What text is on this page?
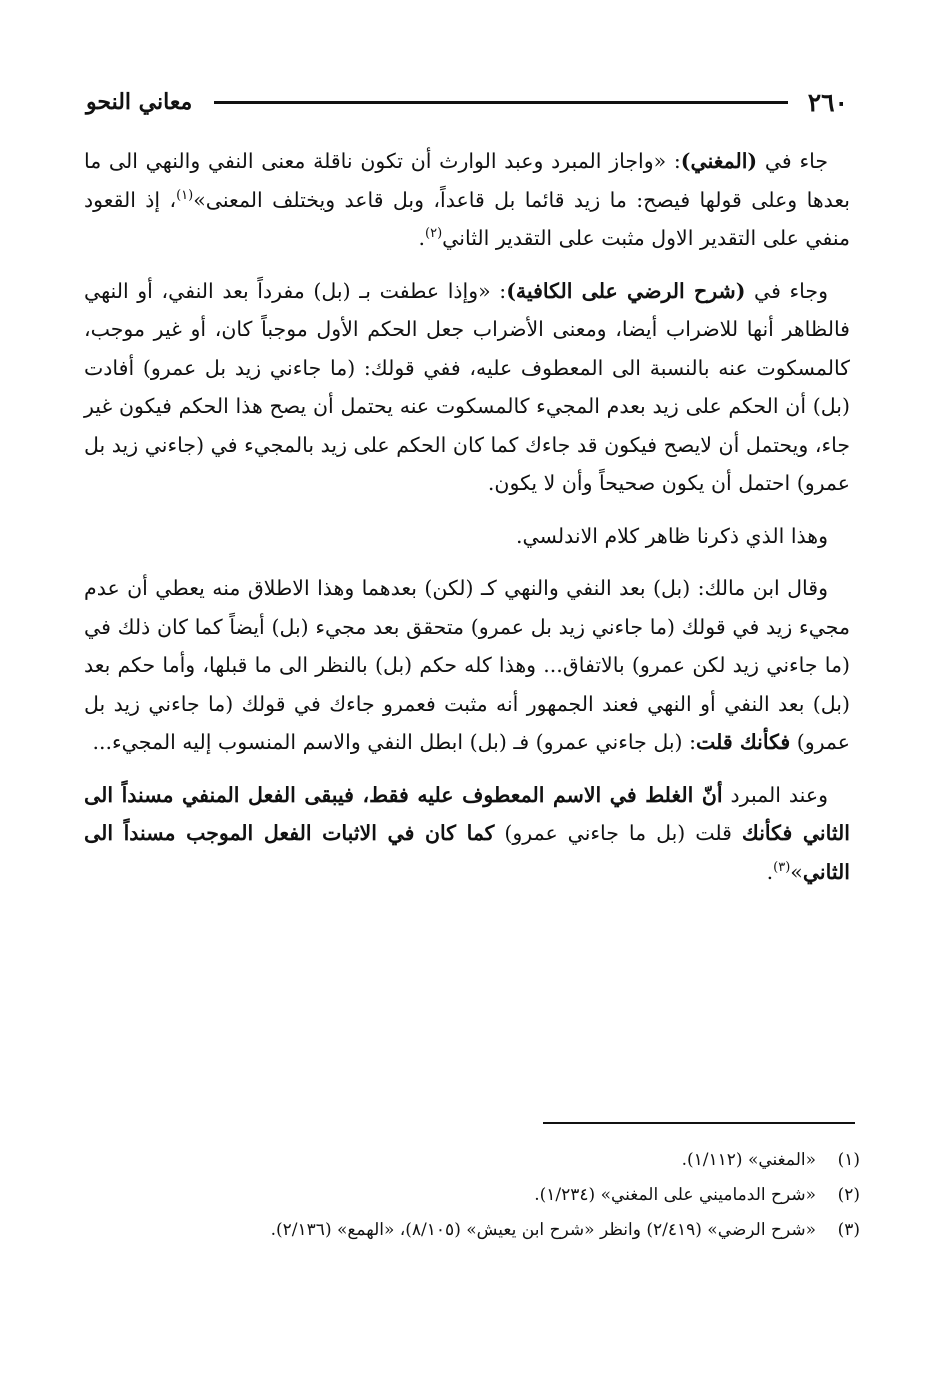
٢٦٠
معاني النحو

جاء في (المغني): «واجاز المبرد وعبد الوارث أن تكون ناقلة معنى النفي والنهي الى ما بعدها وعلى قولها فيصح: ما زيد قائما بل قاعداً، وبل قاعد ويختلف المعنى»$^{(١)}$، إذ القعود منفي على التقدير الاول مثبت على التقدير الثاني$^{(٢)}$.

وجاء في (شرح الرضي على الكافية): «وإذا عطفت بـ (بل) مفرداً بعد النفي، أو النهي فالظاهر أنها للاضراب أيضا، ومعنى الأضراب جعل الحكم الأول موجباً كان، أو غير موجب، كالمسكوت عنه بالنسبة الى المعطوف عليه، ففي قولك: (ما جاءني زيد بل عمرو) أفادت (بل) أن الحكم على زيد بعدم المجيء كالمسكوت عنه يحتمل أن يصح هذا الحكم فيكون غير جاء، ويحتمل أن لايصح فيكون قد جاءك كما كان الحكم على زيد بالمجيء في (جاءني زيد بل عمرو) احتمل أن يكون صحيحاً وأن لا يكون.

وهذا الذي ذكرنا ظاهر كلام الاندلسي.

وقال ابن مالك: (بل) بعد النفي والنهي كـ (لكن) بعدهما وهذا الاطلاق منه يعطي أن عدم مجيء زيد في قولك (ما جاءني زيد بل عمرو) متحقق بعد مجيء (بل) أيضاً كما كان ذلك في (ما جاءني زيد لكن عمرو) بالاتفاق... وهذا كله حكم (بل) بالنظر الى ما قبلها، وأما حكم بعد (بل) بعد النفي أو النهي فعند الجمهور أنه مثبت فعمرو جاءك في قولك (ما جاءني زيد بل عمرو) فكأنك قلت: (بل جاءني عمرو) فـ (بل) ابطل النفي والاسم المنسوب إليه المجيء...

وعند المبرد أنّ الغلط في الاسم المعطوف عليه فقط، فيبقى الفعل المنفي مسنداً الى الثاني فكأنك قلت (بل ما جاءني عمرو) كما كان في الاثبات الفعل الموجب مسنداً الى الثاني»$^{(٣)}$.

(١)
«المغني» (١/١١٢).
(٢)
«شرح الدماميني على المغني» (١/٢٣٤).
(٣)
«شرح الرضي» (٢/٤١٩) وانظر «شرح ابن يعيش» (٨/١٠٥)، «الهمع» (٢/١٣٦).
